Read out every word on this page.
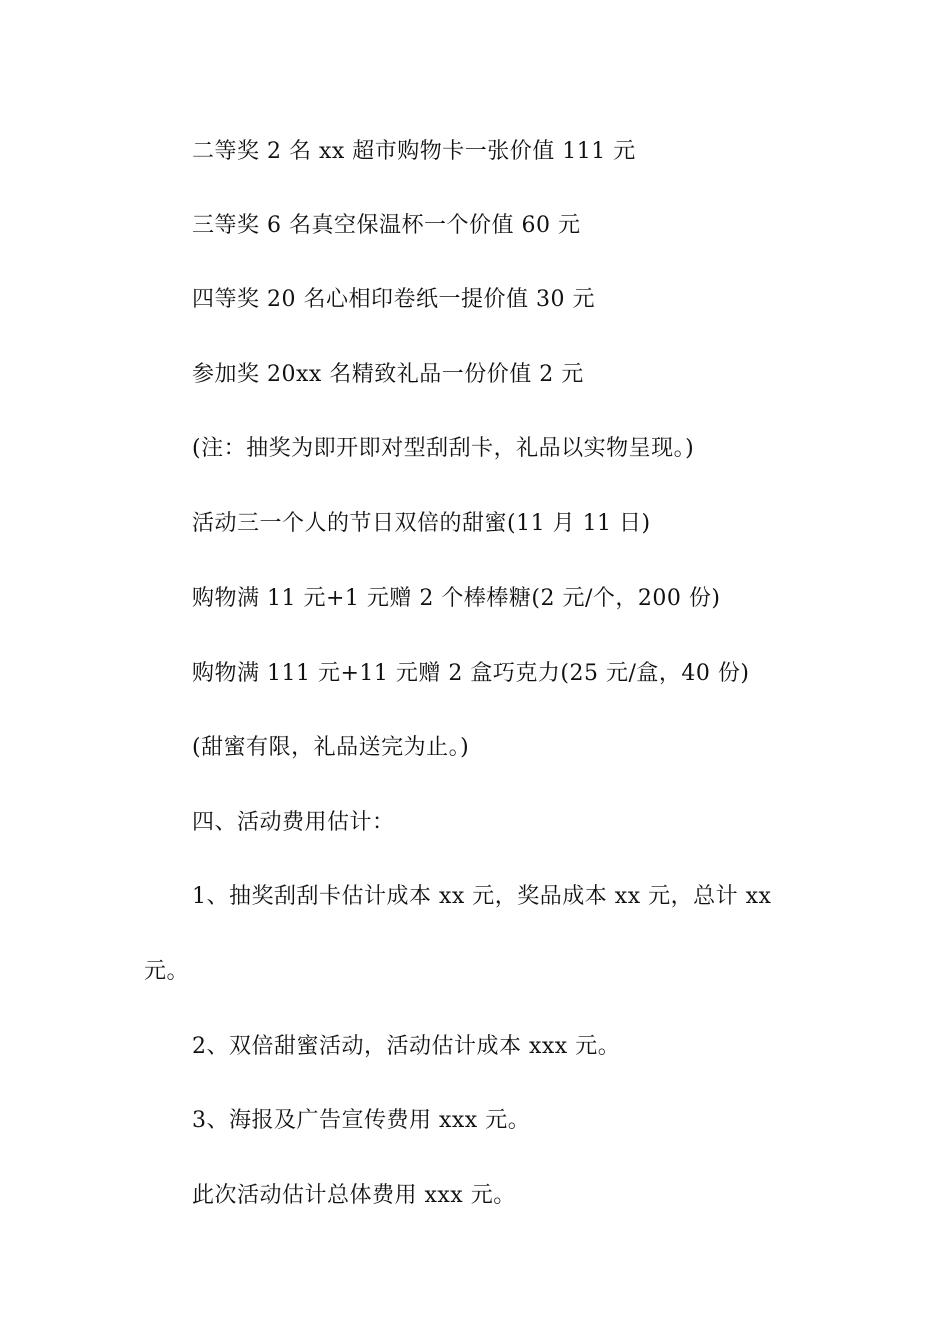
二等奖 2 名 xx 超市购物卡一张价值 111 元
三等奖 6 名真空保温杯一个价值 60 元
四等奖 20 名心相印卷纸一提价值 30 元
参加奖 20xx 名精致礼品一份价值 2 元
(注：抽奖为即开即对型刮刮卡，礼品以实物呈现。)
活动三一个人的节日双倍的甜蜜(11 月 11 日)
购物满 11 元+1 元赠 2 个棒棒糖(2 元/个，200 份)
购物满 111 元+11 元赠 2 盒巧克力(25 元/盒，40 份)
(甜蜜有限，礼品送完为止。)
四、活动费用估计：
1、抽奖刮刮卡估计成本 xx 元，奖品成本 xx 元，总计 xx
元。
2、双倍甜蜜活动，活动估计成本 xxx 元。
3、海报及广告宣传费用 xxx 元。
此次活动估计总体费用 xxx 元。
